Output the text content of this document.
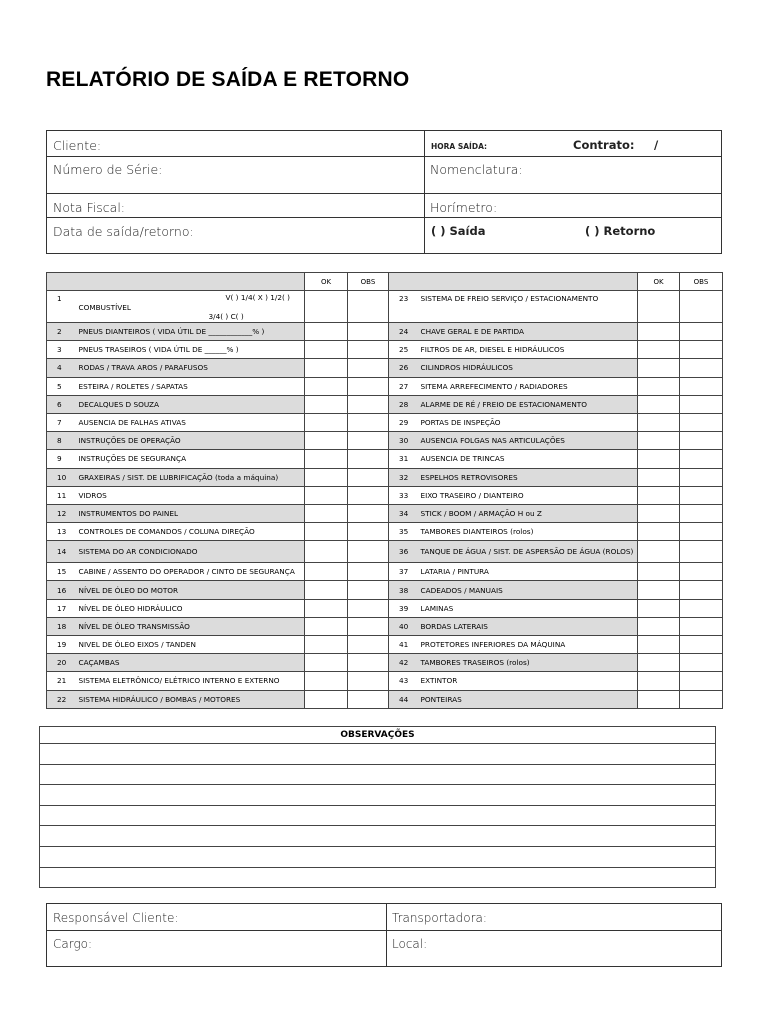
RELATÓRIO DE SAÍDA E RETORNO
Cliente:	HORA SAÍDA:	Contrato: /
Número de Série:	Nomenclatura:
Nota Fiscal:	Horímetro:
Data de saída/retorno:	( ) Saída	( ) Retorno
		OK	OBS			OK	OBS
1	V( ) 1/4( X ) 1/2( )
COMBUSTÍVEL
3/4( ) C( )			23	SISTEMA DE FREIO SERVIÇO / ESTACIONAMENTO		
2	PNEUS DIANTEIROS ( VIDA ÚTIL DE ____________% )			24	CHAVE GERAL E DE PARTIDA		
3	PNEUS TRASEIROS ( VIDA ÚTIL DE ______% )			25	FILTROS DE AR, DIESEL E HIDRÁULICOS		
4	RODAS / TRAVA AROS / PARAFUSOS			26	CILINDROS HIDRÁULICOS		
5	ESTEIRA / ROLETES / SAPATAS			27	SITEMA ARREFECIMENTO / RADIADORES		
6	DECALQUES D SOUZA			28	ALARME DE RÉ / FREIO DE ESTACIONAMENTO		
7	AUSENCIA DE FALHAS ATIVAS			29	PORTAS DE INSPEÇÃO		
8	INSTRUÇÕES DE OPERAÇÃO			30	AUSENCIA FOLGAS NAS ARTICULAÇÕES		
9	INSTRUÇÕES DE SEGURANÇA			31	AUSENCIA DE TRINCAS		
10	GRAXEIRAS / SIST. DE LUBRIFICAÇÃO (toda a máquina)			32	ESPELHOS RETROVISORES		
11	VIDROS			33	EIXO TRASEIRO / DIANTEIRO		
12	INSTRUMENTOS DO PAINEL			34	STICK / BOOM / ARMAÇÃO H ou Z		
13	CONTROLES DE COMANDOS / COLUNA DIREÇÃO			35	TAMBORES DIANTEIROS (rolos)		
14	SISTEMA DO AR CONDICIONADO			36	TANQUE DE ÁGUA / SIST. DE ASPERSÃO DE ÁGUA (ROLOS)		
15	CABINE / ASSENTO DO OPERADOR / CINTO DE SEGURANÇA			37	LATARIA / PINTURA		
16	NÍVEL DE ÓLEO DO MOTOR			38	CADEADOS / MANUAIS		
17	NÍVEL DE ÓLEO HIDRÁULICO			39	LAMINAS		
18	NÍVEL DE ÓLEO TRANSMISSÃO			40	BORDAS LATERAIS		
19	NIVEL DE ÓLEO EIXOS / TANDEN			41	PROTETORES INFERIORES DA MÁQUINA		
20	CAÇAMBAS			42	TAMBORES TRASEIROS (rolos)		
21	SISTEMA ELETRÔNICO/ ELÉTRICO INTERNO E EXTERNO			43	EXTINTOR		
22	SISTEMA HIDRÁULICO / BOMBAS / MOTORES			44	PONTEIRAS		
OBSERVAÇÕES

Responsável Cliente:	Transportadora:
Cargo:	Local:
